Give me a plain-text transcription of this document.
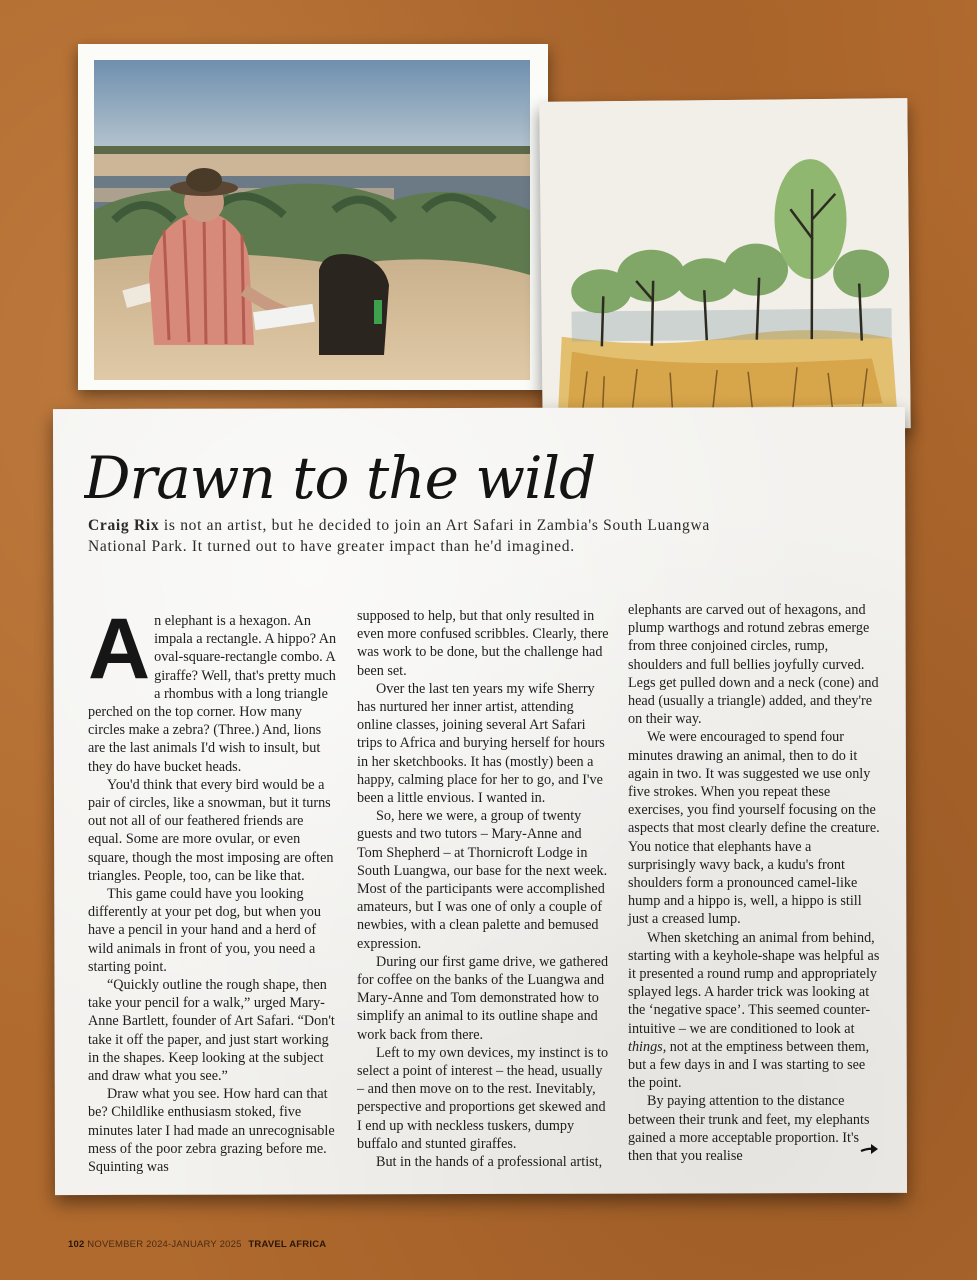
Drawn to the wild
Craig Rix is not an artist, but he decided to join an Art Safari in Zambia's South Luangwa National Park. It turned out to have greater impact than he'd imagined.
A n elephant is a hexagon. An impala a rectangle. A hippo? An oval-square-rectangle combo. A giraffe? Well, that's pretty much a rhombus with a long triangle perched on the top corner. How many circles make a zebra? (Three.) And, lions are the last animals I'd wish to insult, but they do have bucket heads.

You'd think that every bird would be a pair of circles, like a snowman, but it turns out not all of our feathered friends are equal. Some are more ovular, or even square, though the most imposing are often triangles. People, too, can be like that.

This game could have you looking differently at your pet dog, but when you have a pencil in your hand and a herd of wild animals in front of you, you need a starting point.

“Quickly outline the rough shape, then take your pencil for a walk,” urged Mary-Anne Bartlett, founder of Art Safari. “Don't take it off the paper, and just start working in the shapes. Keep looking at the subject and draw what you see.”

Draw what you see. How hard can that be? Childlike enthusiasm stoked, five minutes later I had made an unrecognisable mess of the poor zebra grazing before me. Squinting was

supposed to help, but that only resulted in even more confused scribbles. Clearly, there was work to be done, but the challenge had been set.

Over the last ten years my wife Sherry has nurtured her inner artist, attending online classes, joining several Art Safari trips to Africa and burying herself for hours in her sketchbooks. It has (mostly) been a happy, calming place for her to go, and I've been a little envious. I wanted in.

So, here we were, a group of twenty guests and two tutors – Mary-Anne and Tom Shepherd – at Thornicroft Lodge in South Luangwa, our base for the next week. Most of the participants were accomplished amateurs, but I was one of only a couple of newbies, with a clean palette and bemused expression.

During our first game drive, we gathered for coffee on the banks of the Luangwa and Mary-Anne and Tom demonstrated how to simplify an animal to its outline shape and work back from there.

Left to my own devices, my instinct is to select a point of interest – the head, usually – and then move on to the rest. Inevitably, perspective and proportions get skewed and I end up with neckless tuskers, dumpy buffalo and stunted giraffes.

But in the hands of a professional artist,

elephants are carved out of hexagons, and plump warthogs and rotund zebras emerge from three conjoined circles, rump, shoulders and full bellies joyfully curved. Legs get pulled down and a neck (cone) and head (usually a triangle) added, and they're on their way.

We were encouraged to spend four minutes drawing an animal, then to do it again in two. It was suggested we use only five strokes. When you repeat these exercises, you find yourself focusing on the aspects that most clearly define the creature. You notice that elephants have a surprisingly wavy back, a kudu's front shoulders form a pronounced camel-like hump and a hippo is, well, a hippo is still just a creased lump.

When sketching an animal from behind, starting with a keyhole-shape was helpful as it presented a round rump and appropriately splayed legs. A harder trick was looking at the ‘negative space’. This seemed counter-intuitive – we are conditioned to look at things, not at the emptiness between them, but a few days in and I was starting to see the point.

By paying attention to the distance between their trunk and feet, my elephants gained a more acceptable proportion. It's then that you realise

102 NOVEMBER 2024-JANUARY 2025 TRAVEL AFRICA
